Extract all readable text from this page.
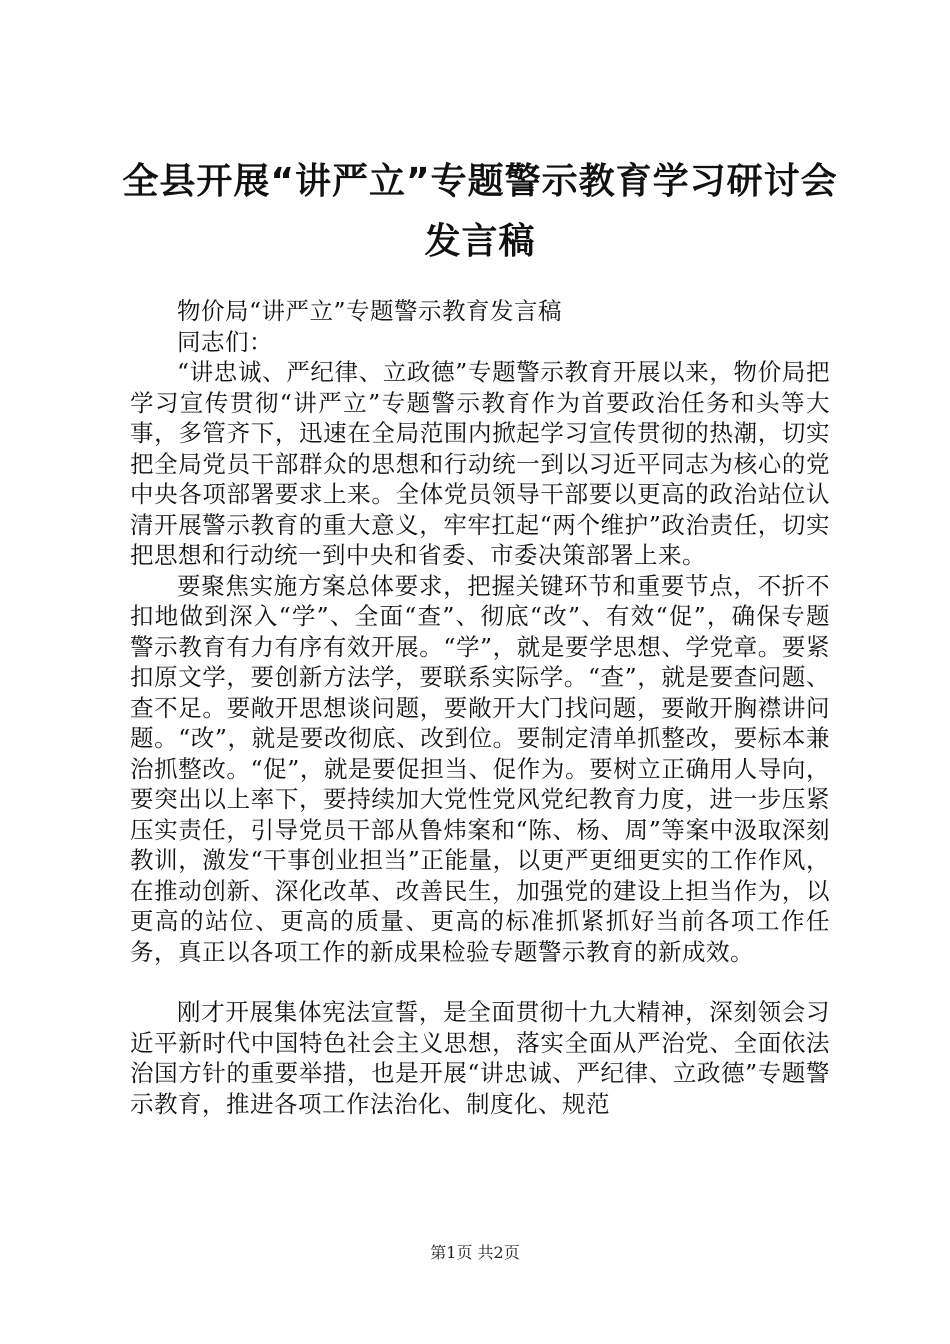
全县开展“讲严立”专题警示教育学习研讨会
发言稿

物价局“讲严立”专题警示教育发言稿

同志们：

“讲忠诚、严纪律、立政德”专题警示教育开展以来，物价局把学习宣传贯彻“讲严立”专题警示教育作为首要政治任务和头等大事，多管齐下，迅速在全局范围内掀起学习宣传贯彻的热潮，切实把全局党员干部群众的思想和行动统一到以习近平同志为核心的党中央各项部署要求上来。全体党员领导干部要以更高的政治站位认清开展警示教育的重大意义，牢牢扛起“两个维护”政治责任，切实把思想和行动统一到中央和省委、市委决策部署上来。

要聚焦实施方案总体要求，把握关键环节和重要节点，不折不扣地做到深入“学”、全面“查”、彻底“改”、有效“促”，确保专题警示教育有力有序有效开展。“学”，就是要学思想、学党章。要紧扣原文学，要创新方法学，要联系实际学。“查”，就是要查问题、查不足。要敞开思想谈问题，要敞开大门找问题，要敞开胸襟讲问题。“改”，就是要改彻底、改到位。要制定清单抓整改，要标本兼治抓整改。“促”，就是要促担当、促作为。要树立正确用人导向，要突出以上率下，要持续加大党性党风党纪教育力度，进一步压紧压实责任，引导党员干部从鲁炜案和“陈、杨、周”等案中汲取深刻教训，激发“干事创业担当”正能量，以更严更细更实的工作作风，在推动创新、深化改革、改善民生，加强党的建设上担当作为，以更高的站位、更高的质量、更高的标准抓紧抓好当前各项工作任务，真正以各项工作的新成果检验专题警示教育的新成效。

刚才开展集体宪法宣誓，是全面贯彻十九大精神，深刻领会习近平新时代中国特色社会主义思想，落实全面从严治党、全面依法治国方针的重要举措，也是开展“讲忠诚、严纪律、立政德”专题警示教育，推进各项工作法治化、制度化、规范

第1页 共2页
